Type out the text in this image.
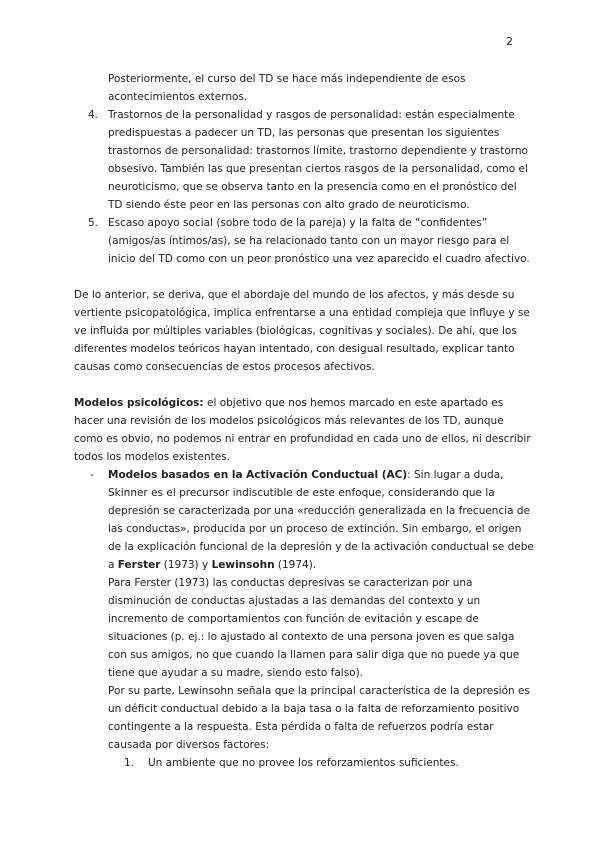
2
Posteriormente, el curso del TD se hace más independiente de esos acontecimientos externos.
4. Trastornos de la personalidad y rasgos de personalidad: están especialmente predispuestas a padecer un TD, las personas que presentan los siguientes trastornos de personalidad: trastornos límite, trastorno dependiente y trastorno obsesivo. También las que presentan ciertos rasgos de la personalidad, como el neuroticismo, que se observa tanto en la presencia como en el pronóstico del TD siendo éste peor en las personas con alto grado de neuroticismo.
5. Escaso apoyo social (sobre todo de la pareja) y la falta de “confidentes” (amigos/as íntimos/as), se ha relacionado tanto con un mayor riesgo para el inicio del TD como con un peor pronóstico una vez aparecido el cuadro afectivo.

De lo anterior, se deriva, que el abordaje del mundo de los afectos, y más desde su vertiente psicopatológica, implica enfrentarse a una entidad compleja que influye y se ve influida por múltiples variables (biológicas, cognitivas y sociales). De ahí, que los diferentes modelos teóricos hayan intentado, con desigual resultado, explicar tanto causas como consecuencias de estos procesos afectivos.

Modelos psicológicos: el objetivo que nos hemos marcado en este apartado es hacer una revisión de los modelos psicológicos más relevantes de los TD, aunque como es obvio, no podemos ni entrar en profundidad en cada uno de ellos, ni describir todos los modelos existentes.

- Modelos basados en la Activación Conductual (AC): Sin lugar a duda, Skinner es el precursor indiscutible de este enfoque, considerando que la depresión se caracterizada por una «reducción generalizada en la frecuencia de las conductas», producida por un proceso de extinción. Sin embargo, el origen de la explicación funcional de la depresión y de la activación conductual se debe a Ferster (1973) y Lewinsohn (1974).
Para Ferster (1973) las conductas depresivas se caracterizan por una disminución de conductas ajustadas a las demandas del contexto y un incremento de comportamientos con función de evitación y escape de situaciones (p. ej.: lo ajustado al contexto de una persona joven es que salga con sus amigos, no que cuando la llamen para salir diga que no puede ya que tiene que ayudar a su madre, siendo esto falso).
Por su parte, Lewinsohn señala que la principal característica de la depresión es un déficit conductual debido a la baja tasa o la falta de reforzamiento positivo contingente a la respuesta. Esta pérdida o falta de refuerzos podría estar causada por diversos factores:
1. Un ambiente que no provee los reforzamientos suficientes.
